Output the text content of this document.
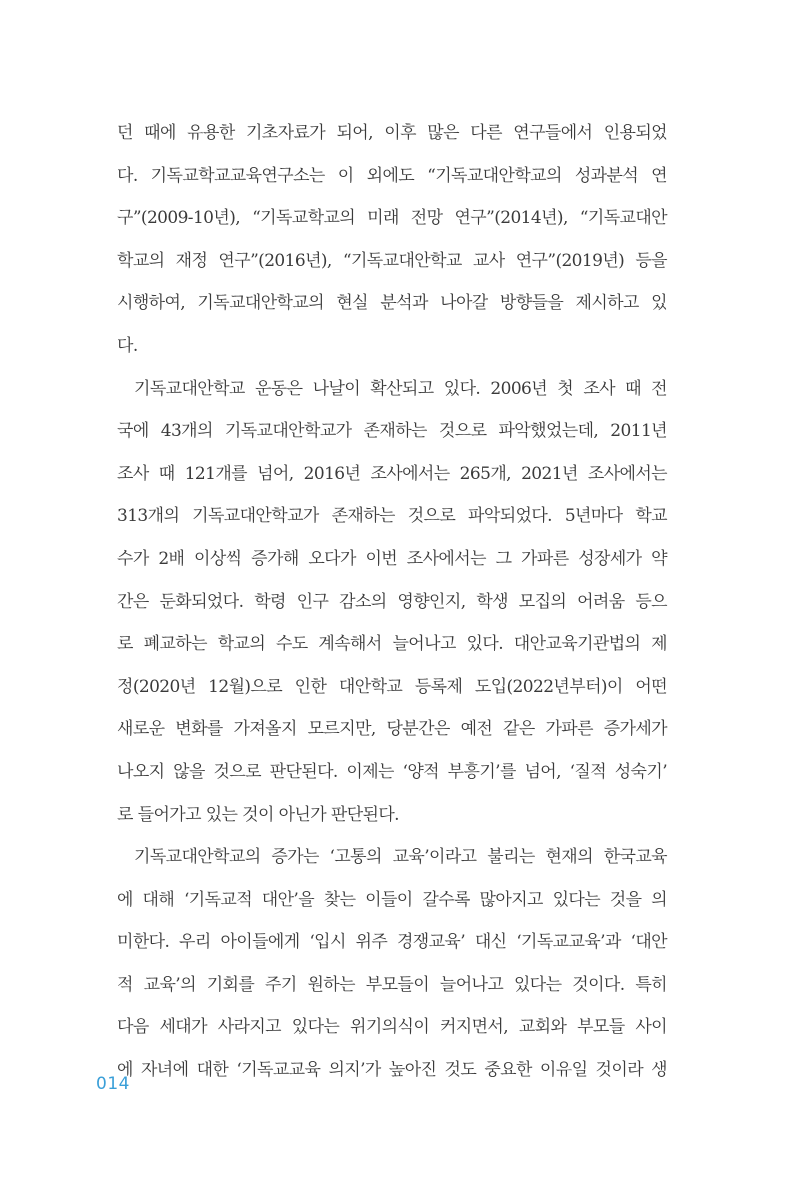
던 때에 유용한 기초자료가 되어, 이후 많은 다른 연구들에서 인용되었
다. 기독교학교교육연구소는 이 외에도 “기독교대안학교의 성과분석 연
구”(2009-10년), “기독교학교의 미래 전망 연구”(2014년), “기독교대안
학교의 재정 연구”(2016년), “기독교대안학교 교사 연구”(2019년) 등을
시행하여, 기독교대안학교의 현실 분석과 나아갈 방향들을 제시하고 있
다.
기독교대안학교 운동은 나날이 확산되고 있다. 2006년 첫 조사 때 전
국에 43개의 기독교대안학교가 존재하는 것으로 파악했었는데, 2011년
조사 때 121개를 넘어, 2016년 조사에서는 265개, 2021년 조사에서는
313개의 기독교대안학교가 존재하는 것으로 파악되었다. 5년마다 학교
수가 2배 이상씩 증가해 오다가 이번 조사에서는 그 가파른 성장세가 약
간은 둔화되었다. 학령 인구 감소의 영향인지, 학생 모집의 어려움 등으
로 폐교하는 학교의 수도 계속해서 늘어나고 있다. 대안교육기관법의 제
정(2020년 12월)으로 인한 대안학교 등록제 도입(2022년부터)이 어떤
새로운 변화를 가져올지 모르지만, 당분간은 예전 같은 가파른 증가세가
나오지 않을 것으로 판단된다. 이제는 ‘양적 부흥기’를 넘어, ‘질적 성숙기’
로 들어가고 있는 것이 아닌가 판단된다.
기독교대안학교의 증가는 ‘고통의 교육’이라고 불리는 현재의 한국교육
에 대해 ‘기독교적 대안’을 찾는 이들이 갈수록 많아지고 있다는 것을 의
미한다. 우리 아이들에게 ‘입시 위주 경쟁교육’ 대신 ‘기독교교육’과 ‘대안
적 교육’의 기회를 주기 원하는 부모들이 늘어나고 있다는 것이다. 특히
다음 세대가 사라지고 있다는 위기의식이 커지면서, 교회와 부모들 사이
에 자녀에 대한 ‘기독교교육 의지’가 높아진 것도 중요한 이유일 것이라 생
014
